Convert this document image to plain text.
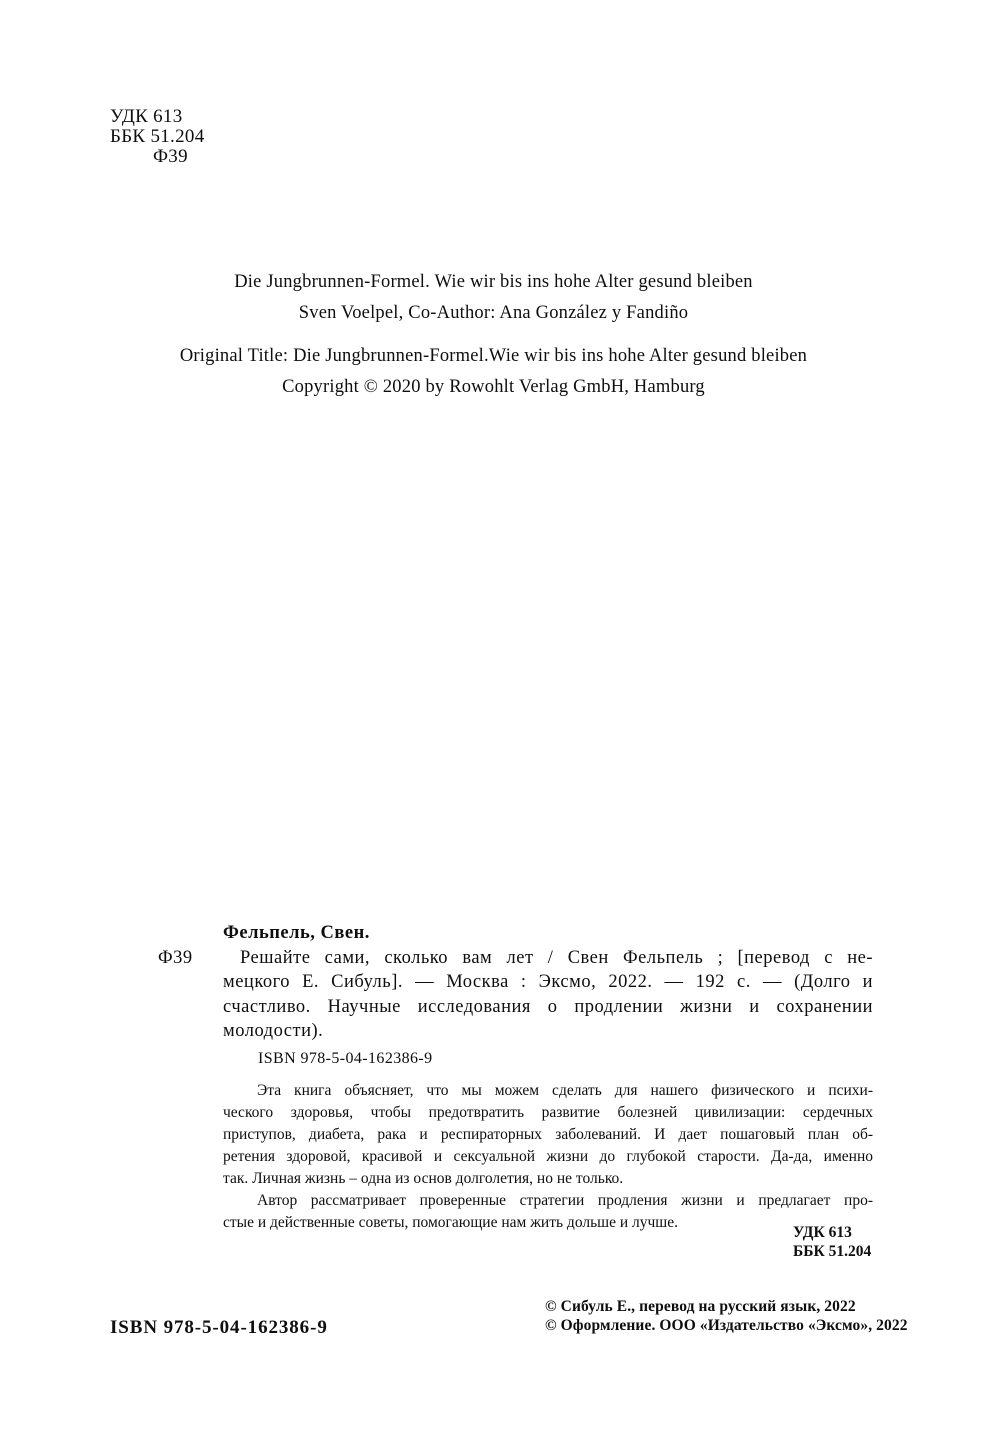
УДК 613
ББК 51.204
Ф39
Die Jungbrunnen-Formel. Wie wir bis ins hohe Alter gesund bleiben
Sven Voelpel, Co-Author: Ana González y Fandiño
Original Title: Die Jungbrunnen-Formel.Wie wir bis ins hohe Alter gesund bleiben
Copyright © 2020 by Rowohlt Verlag GmbH, Hamburg
Ф39
Фельпель, Свен.
Решайте сами, сколько вам лет / Свен Фельпель ; [перевод с не-
мецкого Е. Сибуль]. — Москва : Эксмо, 2022. — 192 с. — (Долго и
счастливо. Научные исследования о продлении жизни и сохранении
молодости).
ISBN 978-5-04-162386-9
Эта книга объясняет, что мы можем сделать для нашего физического и психи-
ческого здоровья, чтобы предотвратить развитие болезней цивилизации: сердечных
приступов, диабета, рака и респираторных заболеваний. И дает пошаговый план об-
ретения здоровой, красивой и сексуальной жизни до глубокой старости. Да-да, именно
так. Личная жизнь – одна из основ долголетия, но не только.
Автор рассматривает проверенные стратегии продления жизни и предлагает про-
стые и действенные советы, помогающие нам жить дольше и лучше.
УДК 613
ББК 51.204
ISBN 978-5-04-162386-9
© Сибуль Е., перевод на русский язык, 2022
© Оформление. ООО «Издательство «Эксмо», 2022
